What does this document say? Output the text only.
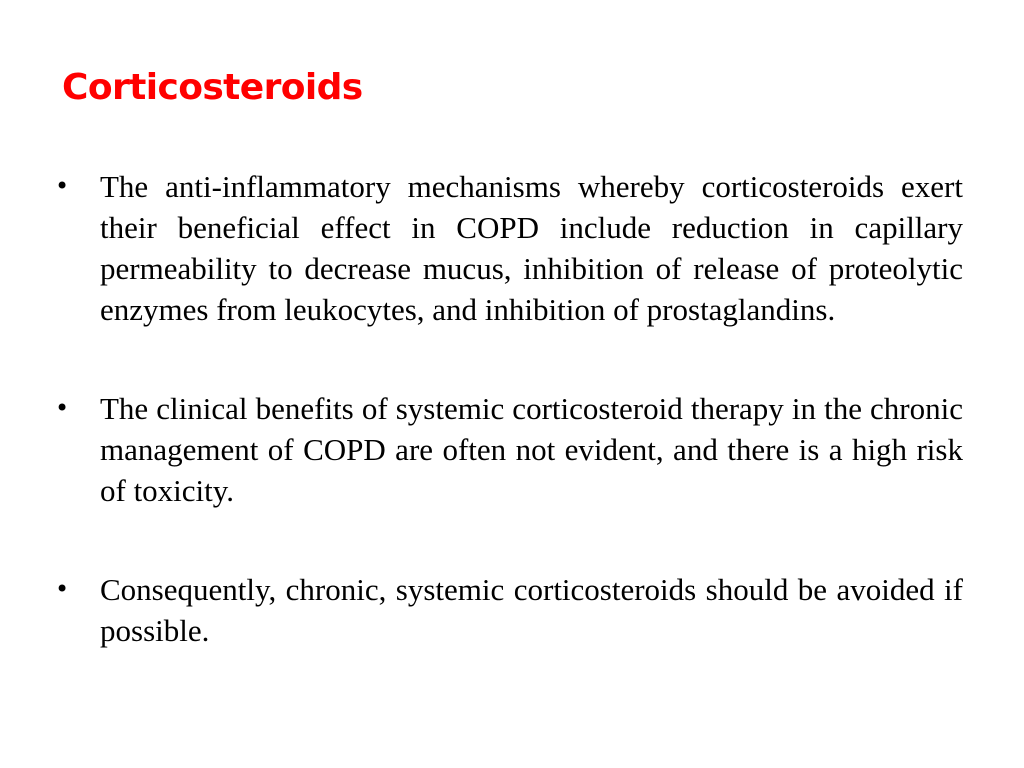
Corticosteroids
• The anti-inflammatory mechanisms whereby corticosteroids exert their beneficial effect in COPD include reduction in capillary permeability to decrease mucus, inhibition of release of proteolytic enzymes from leukocytes, and inhibition of prostaglandins.
• The clinical benefits of systemic corticosteroid therapy in the chronic management of COPD are often not evident, and there is a high risk of toxicity.
• Consequently, chronic, systemic corticosteroids should be avoided if possible.
